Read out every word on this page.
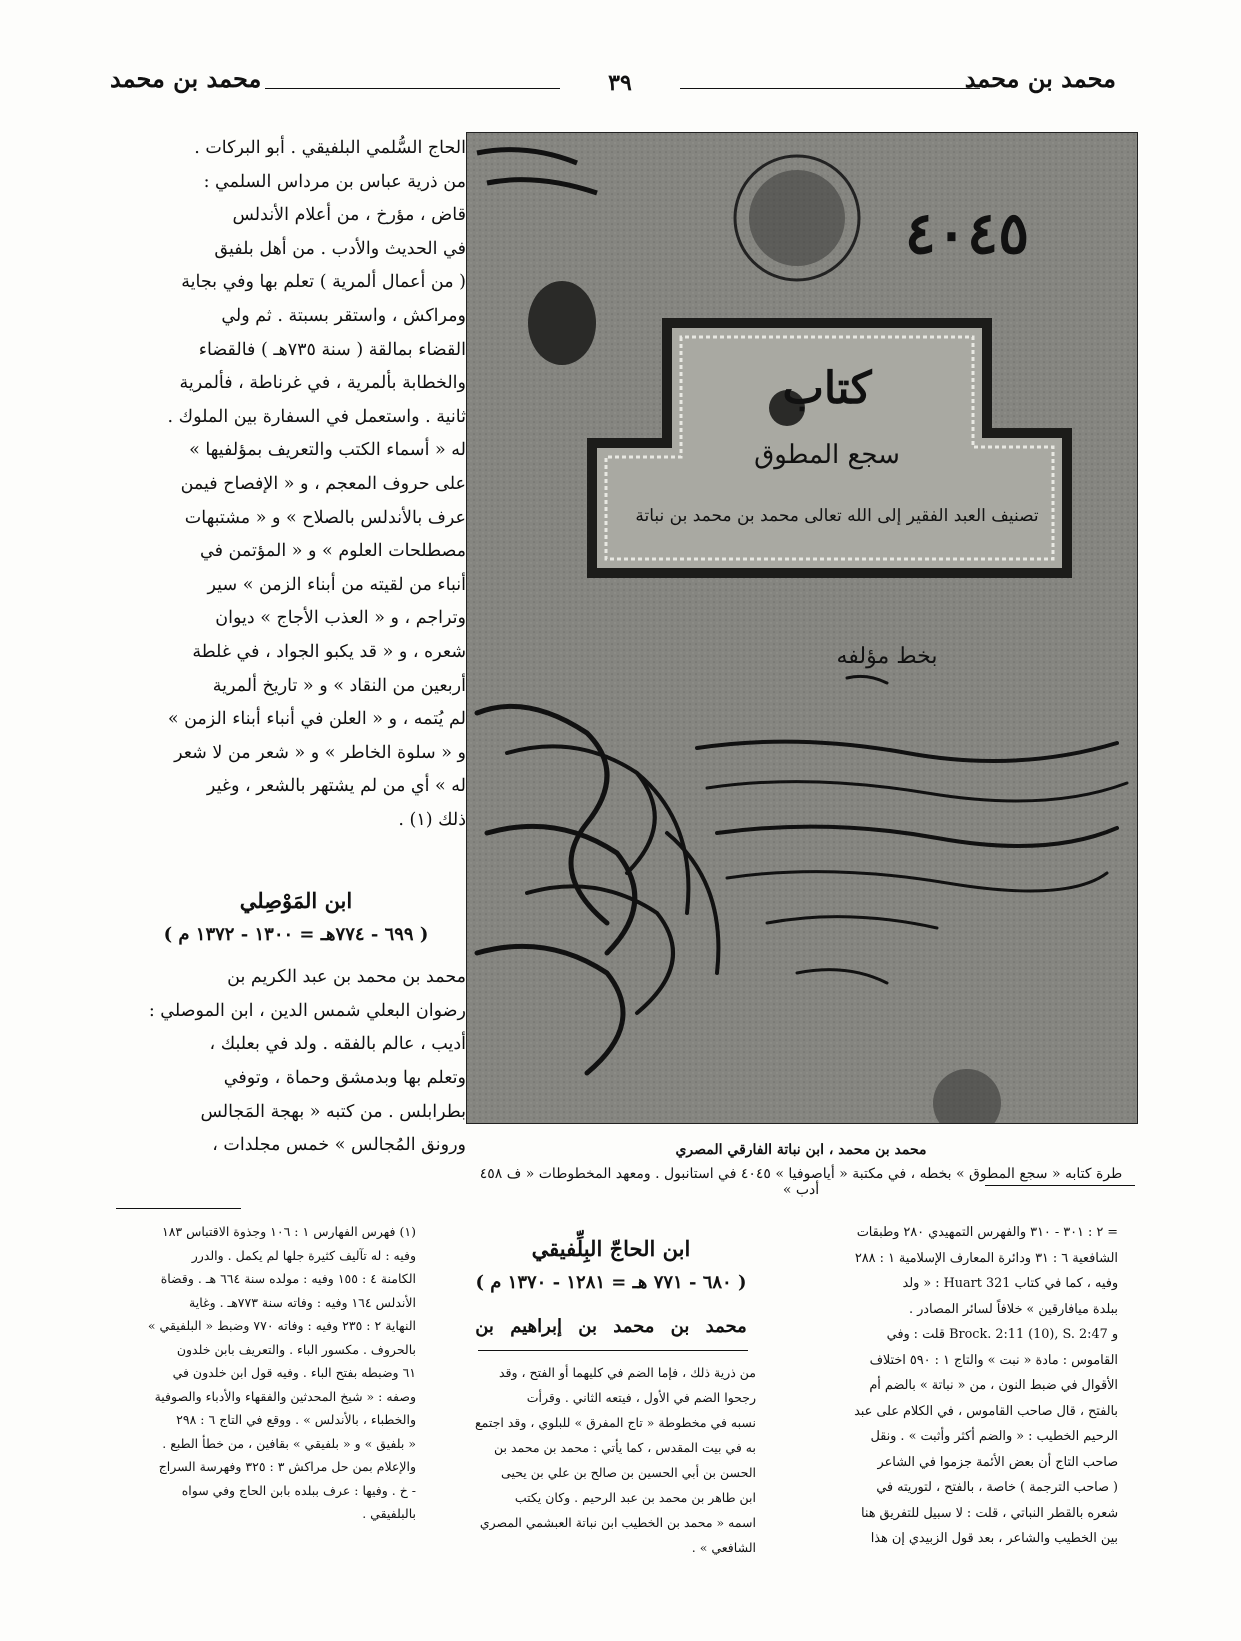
محمد بن محمد
٣٩
محمد بن محمد
الحاج السُّلمي البلفيقي . أبو البركات .
من ذرية عباس بن مرداس السلمي :
قاض ، مؤرخ ، من أعلام الأندلس
في الحديث والأدب . من أهل بلفيق
( من أعمال ألمرية ) تعلم بها وفي بجاية
ومراكش ، واستقر بسبتة . ثم ولي
القضاء بمالقة ( سنة ٧٣٥هـ ) فالقضاء
والخطابة بألمرية ، في غرناطة ، فألمرية
ثانية . واستعمل في السفارة بين الملوك .
له « أسماء الكتب والتعريف بمؤلفيها »
على حروف المعجم ، و « الإفصاح فيمن
عرف بالأندلس بالصلاح » و « مشتبهات
مصطلحات العلوم » و « المؤتمن في
أنباء من لقيته من أبناء الزمن » سير
وتراجم ، و « العذب الأجاج » ديوان
شعره ، و « قد يكبو الجواد ، في غلطة
أربعين من النقاد » و « تاريخ ألمرية
لم يُتمه ، و « العلن في أنباء أبناء الزمن »
و « سلوة الخاطر » و « شعر من لا شعر
له » أي من لم يشتهر بالشعر ، وغير
ذلك (١) .
ابن المَوْصِلي
( ٦٩٩ - ٧٧٤هـ = ١٣٠٠ - ١٣٧٢ م )

محمد بن محمد بن عبد الكريم بن

رضوان البعلي شمس الدين ، ابن الموصلي :

أديب ، عالم بالفقه . ولد في بعلبك ،

وتعلم بها وبدمشق وحماة ، وتوفي

بطرابلس . من كتبه « بهجة المَجالس

ورونق المُجالس » خمس مجلدات ،

٤٠٤٥
كتاب
سجع المطوق
تصنيف العبد الفقير إلى الله تعالى محمد بن محمد بن نباتة
بخط مؤلفه
محمد بن محمد ، ابن نباتة الفارقي المصري
طرة كتابه « سجع المطوق » بخطه ، في مكتبة « أياصوفيا » ٤٠٤٥ في استانبول . ومعهد المخطوطات « ف ٤٥٨ أدب »
(١) فهرس الفهارس ١ : ١٠٦ وجذوة الاقتباس ١٨٣
وفيه : له تآليف كثيرة جلها لم يكمل . والدرر
الكامنة ٤ : ١٥٥ وفيه : مولده سنة ٦٦٤ هـ . وقضاة
الأندلس ١٦٤ وفيه : وفاته سنة ٧٧٣هـ . وغاية
النهاية ٢ : ٢٣٥ وفيه : وفاته ٧٧٠ وضبط « البلفيقي »
بالحروف . مكسور الباء . والتعريف بابن خلدون
٦١ وضبطه بفتح الباء . وفيه قول ابن خلدون في
وصفه : « شيخ المحدثين والفقهاء والأدباء والصوفية
والخطباء ، بالأندلس » . ووقع في التاج ٦ : ٢٩٨
« بلفيق » و « بلفيقي » بقافين ، من خطأ الطبع .
والإعلام بمن حل مراكش ٣ : ٣٢٥ وفهرسة السراج
- خ . وفيها : عرف ببلده بابن الحاج وفي سواه
بالبلفيقي .
ابن الحاجّ البِلِّفيقي
( ٦٨٠ - ٧٧١ هـ = ١٢٨١ - ١٣٧٠ م )
محمد بن محمد بن إبراهيم بن
من ذرية ذلك ، فإما الضم في كليهما أو الفتح ، وقد
رجحوا الضم في الأول ، فيتعه الثاني . وقرأت
نسبه في مخطوطة « تاج المفرق » للبلوي ، وقد اجتمع
به في بيت المقدس ، كما يأتي : محمد بن محمد بن
الحسن بن أبي الحسين بن صالح بن علي بن يحيى
ابن طاهر بن محمد بن عبد الرحيم . وكان يكتب
اسمه « محمد بن الخطيب ابن نباتة العبشمي المصري
الشافعي » .
= ٢ : ٣٠١ - ٣١٠ والفهرس التمهيدي ٢٨٠ وطبقات
الشافعية ٦ : ٣١ ودائرة المعارف الإسلامية ١ : ٢٨٨
وفيه ، كما في كتاب Huart 321 : « ولد
ببلدة ميافارقين » خلافاً لسائر المصادر .
و Brock. 2:11 (10), S. 2:47 قلت : وفي
القاموس : مادة « نبت » والتاج ١ : ٥٩٠ اختلاف
الأقوال في ضبط النون ، من « نباتة » بالضم أم
بالفتح ، قال صاحب القاموس ، في الكلام على عبد
الرحيم الخطيب : « والضم أكثر وأثبت » . ونقل
صاحب التاج أن بعض الأئمة جزموا في الشاعر
( صاحب الترجمة ) خاصة ، بالفتح ، لتوريته في
شعره بالقطر النباتي ، قلت : لا سبيل للتفريق هنا
بين الخطيب والشاعر ، بعد قول الزبيدي إن هذا
